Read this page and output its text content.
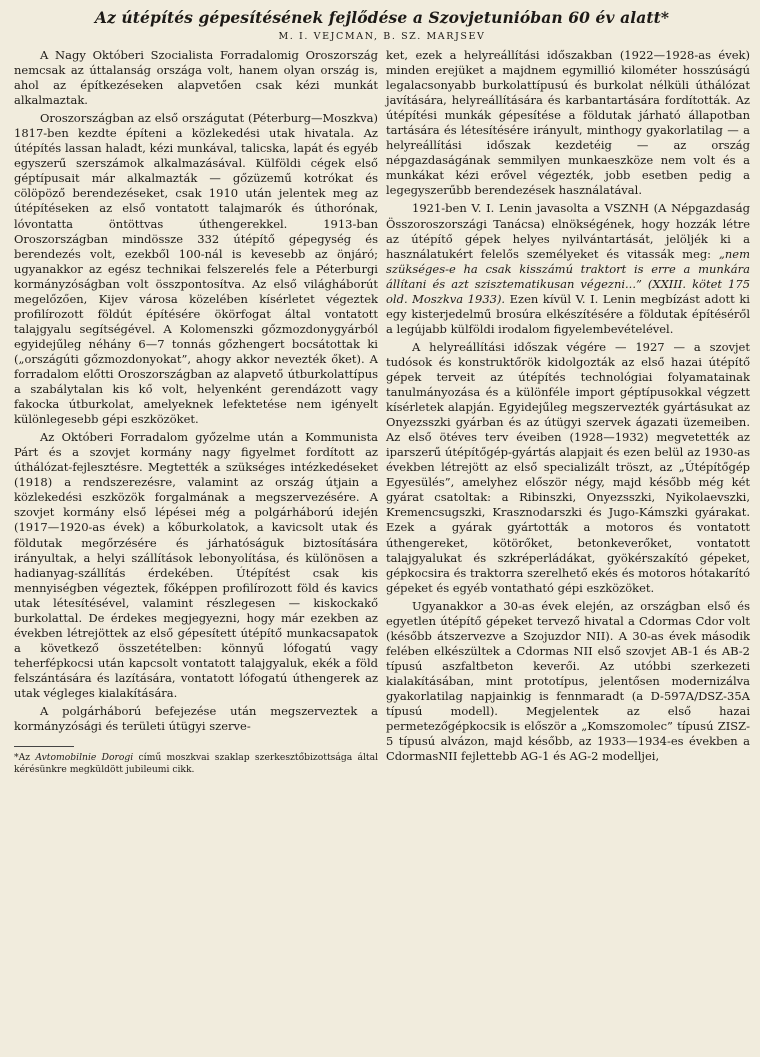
Az útépítés gépesítésének fejlődése a Szovjetunióban 60 év alatt*
M. I. VEJCMAN, B. SZ. MARJSEV

A Nagy Októberi Szocialista Forradalomig Oroszország nemcsak az úttalanság országa volt, hanem olyan ország is, ahol az építkezéseken alapvetően csak kézi munkát alkalmaztak.

Oroszországban az első országutat (Péterburg—Moszkva) 1817-ben kezdte építeni a közlekedési utak hivatala. Az útépítés lassan haladt, kézi munkával, talicska, lapát és egyéb egyszerű szerszámok alkalmazásával. Külföldi cégek első géptípusait már alkalmazták — gőzüzemű kotrókat és cölöpöző berendezéseket, csak 1910 után jelentek meg az útépítéseken az első vontatott talajmarók és úthorónak, lóvontatta öntöttvas úthengerekkel. 1913-ban Oroszországban mindössze 332 útépítő gépegység és berendezés volt, ezekből 100-nál is kevesebb az önjáró; ugyanakkor az egész technikai felszerelés fele a Péterburgi kormányzóságban volt összpontosítva. Az első világháborút megelőzően, Kijev városa közelében kísérletet végeztek profilírozott földút építésére ökörfogat által vontatott talajgyalu segítségével. A Kolomenszki gőzmozdonygyárból egyidejűleg néhány 6—7 tonnás gőzhengert bocsátottak ki („országúti gőzmozdonyokat”, ahogy akkor nevezték őket). A forradalom előtti Oroszországban az alapvető útburkolattípus a szabálytalan kis kő volt, helyenként gerendázott vagy fakocka útburkolat, amelyeknek lefektetése nem igényelt különlegesebb gépi eszközöket.

Az Októberi Forradalom győzelme után a Kommunista Párt és a szovjet kormány nagy figyelmet fordított az úthálózat-fejlesztésre. Megtették a szükséges intézkedéseket (1918) a rendszerezésre, valamint az ország útjain a közlekedési eszközök forgalmának a megszervezésére. A szovjet kormány első lépései még a polgárháború idején (1917—1920-as évek) a kőburkolatok, a kavicsolt utak és földutak megőrzésére és járhatóságuk biztosítására irányultak, a helyi szállítások lebonyolítása, és különösen a hadianyag-szállítás érdekében. Útépítést csak kis mennyiségben végeztek, főképpen profilírozott föld és kavics utak létesítésével, valamint részlegesen — kiskockakő burkolattal. De érdekes megjegyezni, hogy már ezekben az években létrejöttek az első gépesített útépítő munkacsapatok a következő összetételben: könnyű lófogatú vagy teherfépkocsi után kapcsolt vontatott talajgyaluk, ekék a föld felszántására és lazítására, vontatott lófogatú úthengerek az utak végleges kialakítására.

A polgárháború befejezése után megszerveztek a kormányzósági és területi útügyi szerve-

*Az Avtomobilnie Dorogi című moszkvai szaklap szerkesztőbizottsága által kérésünkre megküldött jubileumi cikk.

ket, ezek a helyreállítási időszakban (1922—1928-as évek) minden erejüket a majdnem egymillió kilométer hosszúságú legalacsonyabb burkolattípusú és burkolat nélküli úthálózat javítására, helyreállítására és karbantartására fordították. Az útépítési munkák gépesítése a földutak járható állapotban tartására és létesítésére irányult, minthogy gyakorlatilag — a helyreállítási időszak kezdetéig — az ország népgazdaságának semmilyen munkaeszköze nem volt és a munkákat kézi erővel végezték, jobb esetben pedig a legegyszerűbb berendezések használatával.

1921-ben V. I. Lenin javasolta a VSZNH (A Népgazdaság Összoroszországi Tanácsa) elnökségének, hogy hozzák létre az útépítő gépek helyes nyilvántartását, jelöljék ki a használatukért felelős személyeket és vitassák meg: „nem szükséges-e ha csak kisszámú traktort is erre a munkára állítani és azt szisztematikusan végezni...” (XXIII. kötet 175 old. Moszkva 1933). Ezen kívül V. I. Lenin megbízást adott ki egy kisterjedelmű brosúra elkészítésére a földutak építéséről a legújabb külföldi irodalom figyelembevételével.

A helyreállítási időszak végére — 1927 — a szovjet tudósok és konstruktőrök kidolgozták az első hazai útépítő gépek terveit az útépítés technológiai folyamatainak tanulmányozása és a különféle import géptípusokkal végzett kísérletek alapján. Egyidejűleg megszervezték gyártásukat az Onyezsszki gyárban és az útügyi szervek ágazati üzemeiben. Az első ötéves terv éveiben (1928—1932) megvetették az iparszerű útépítőgép-gyártás alapjait és ezen belül az 1930-as években létrejött az első specializált tröszt, az „Útépítőgép Egyesülés”, amelyhez először négy, majd később még két gyárat csatoltak: a Ribinszki, Onyezsszki, Nyikolaevszki, Kremencsugszki, Krasznodarszki és Jugo-Kámszki gyárakat. Ezek a gyárak gyártották a motoros és vontatott úthengereket, kötörőket, betonkeverőket, vontatott talajgyalukat és szkréperládákat, gyökérszakító gépeket, gépkocsira és traktorra szerelhető ekés és motoros hótakarító gépeket és egyéb vontatható gépi eszközöket.

Ugyanakkor a 30-as évek elején, az országban első és egyetlen útépítő gépeket tervező hivatal a Cdormas Cdor volt (később átszervezve a Szojuzdor NII). A 30-as évek második felében elkészültek a Cdormas NII első szovjet AB-1 és AB-2 típusú aszfaltbeton keverői. Az utóbbi szerkezeti kialakításában, mint prototípus, jelentősen modernizálva gyakorlatilag napjainkig is fennmaradt (a D-597A/DSZ-35A típusú modell). Megjelentek az első hazai permetezőgépkocsik is először a „Komszomolec” típusú ZISZ-5 típusú alvázon, majd később, az 1933—1934-es években a CdormasNII fejlettebb AG-1 és AG-2 modelljei,
